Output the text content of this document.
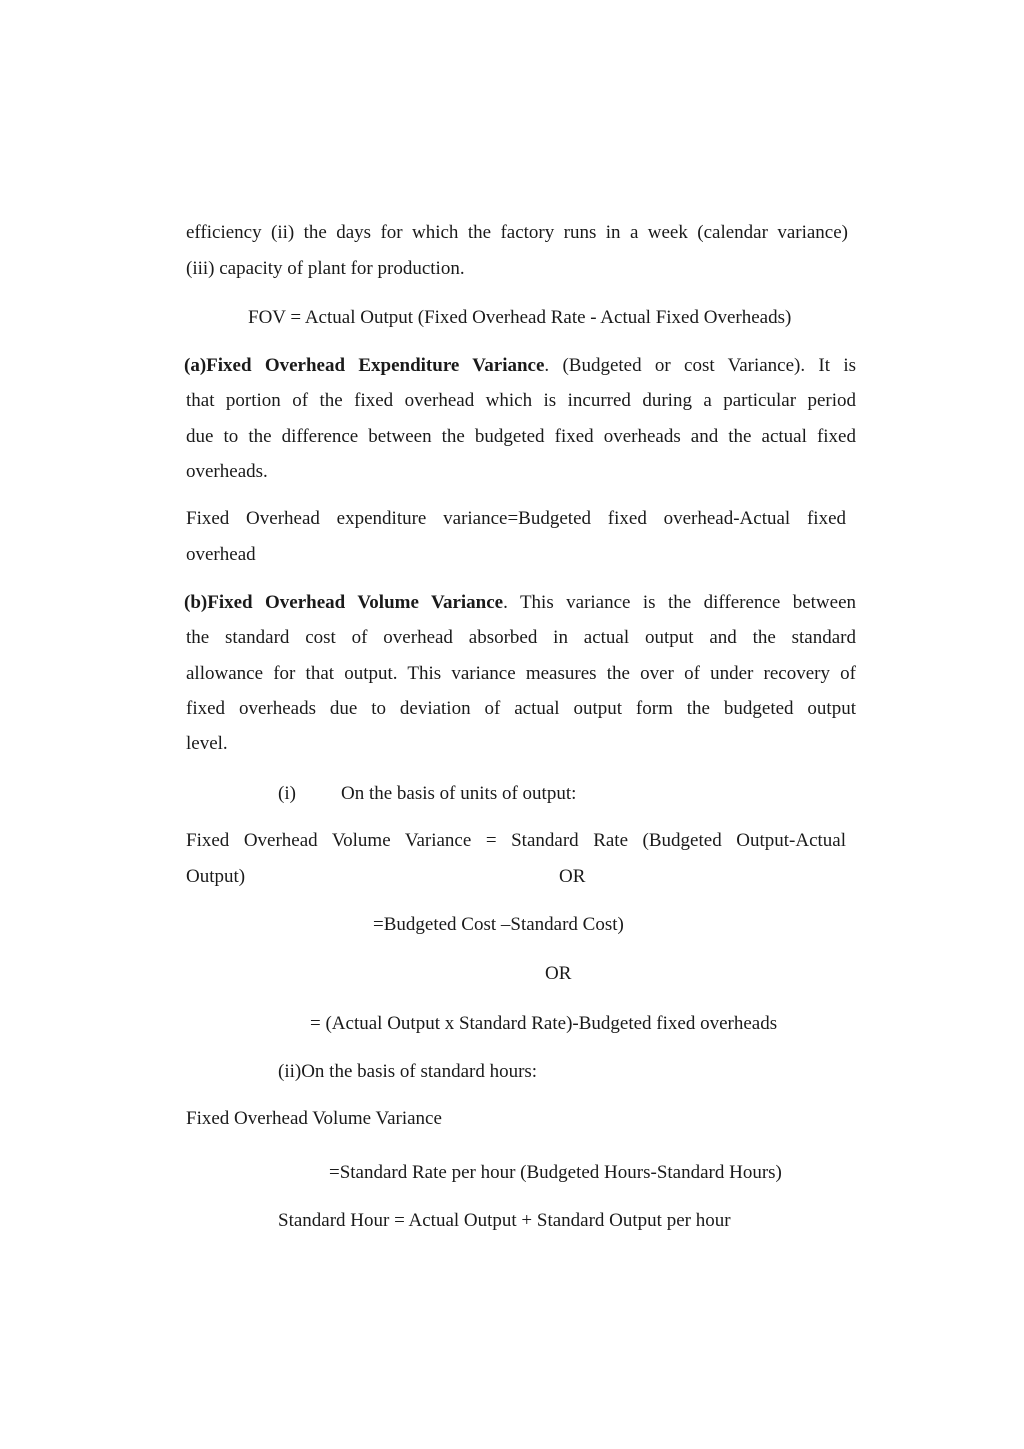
efficiency (ii) the days for which the factory runs in a week (calendar variance)
(iii) capacity of plant for production.
FOV = Actual Output (Fixed Overhead Rate - Actual Fixed Overheads)
(a)Fixed Overhead Expenditure Variance. (Budgeted or cost Variance). It is
that portion of the fixed overhead which is incurred during a particular period
due to the difference between the budgeted fixed overheads and the actual fixed
overheads.
Fixed Overhead expenditure variance=Budgeted fixed overhead-Actual fixed
overhead
(b)Fixed Overhead Volume Variance. This variance is the difference between
the standard cost of overhead absorbed in actual output and the standard
allowance for that output. This variance measures the over of under recovery of
fixed overheads due to deviation of actual output form the budgeted output
level.
(i) On the basis of units of output:
Fixed Overhead Volume Variance = Standard Rate (Budgeted Output-Actual
Output)	OR
=Budgeted Cost –Standard Cost)
OR
= (Actual Output x Standard Rate)-Budgeted fixed overheads
(ii)On the basis of standard hours:
Fixed Overhead Volume Variance
=Standard Rate per hour (Budgeted Hours-Standard Hours)
Standard Hour = Actual Output + Standard Output per hour
